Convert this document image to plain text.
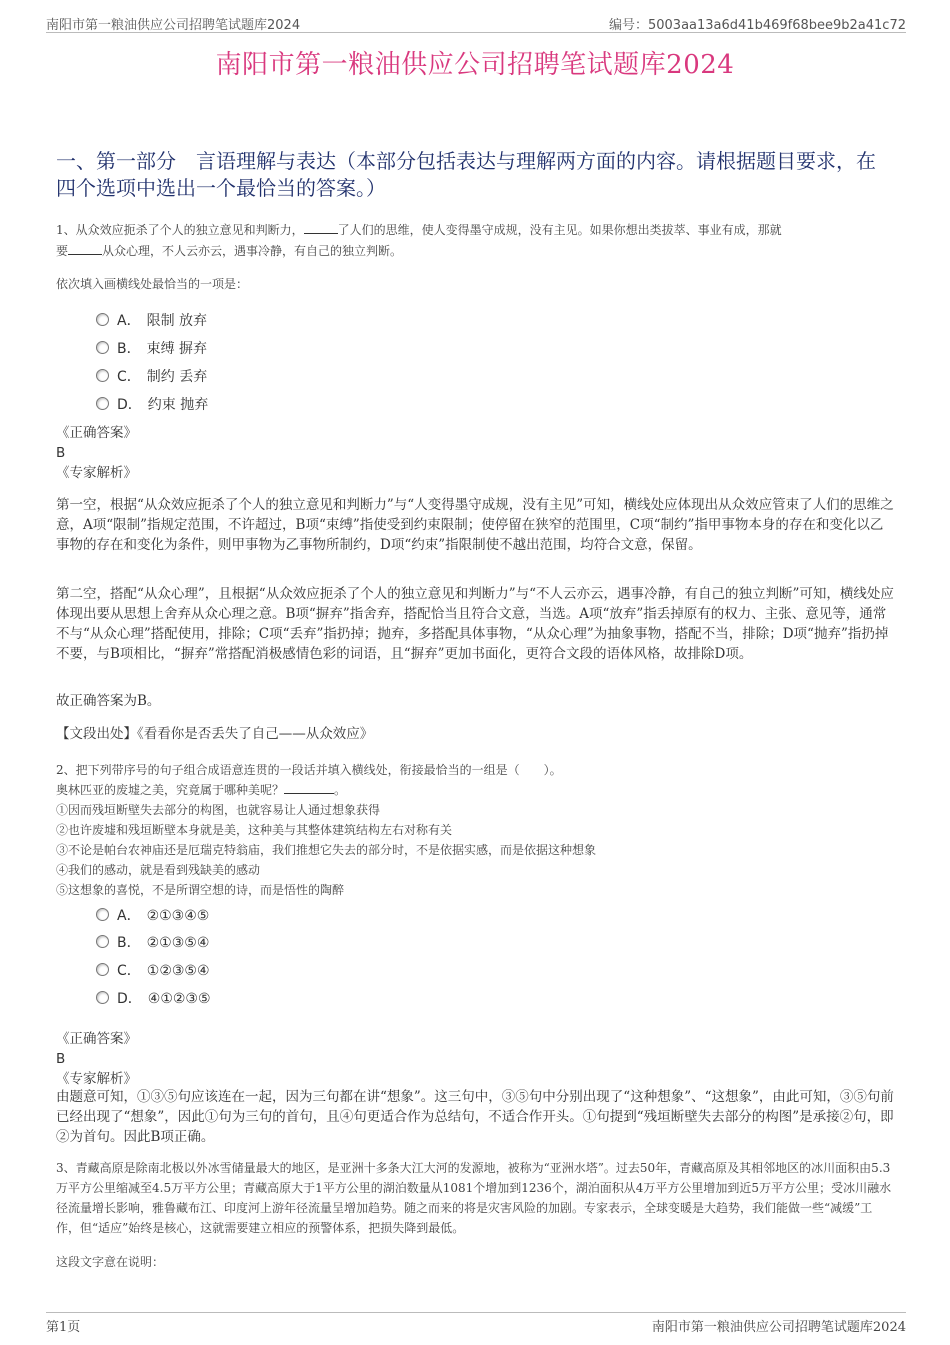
南阳市第一粮油供应公司招聘笔试题库2024	编号：5003aa13a6d41b469f68bee9b2a41c72
南阳市第一粮油供应公司招聘笔试题库2024
一、第一部分　言语理解与表达（本部分包括表达与理解两方面的内容。请根据题目要求，在四个选项中选出一个最恰当的答案。）
1、从众效应扼杀了个人的独立意见和判断力，	了人们的思维，使人变得墨守成规，没有主见。如果你想出类拔萃、事业有成，那就
要	从众心理，不人云亦云，遇事冷静，有自己的独立判断。
依次填入画横线处最恰当的一项是：
A． 限制 放弃
B． 束缚 摒弃
C． 制约 丢弃
D． 约束 抛弃
《正确答案》
B
《专家解析》
第一空，根据“从众效应扼杀了个人的独立意见和判断力”与“人变得墨守成规，没有主见”可知，横线处应体现出从众效应管束了人们的思维之意，A项“限制”指规定范围，不许超过，B项“束缚”指使受到约束限制；使停留在狭窄的范围里，C项“制约”指甲事物本身的存在和变化以乙事物的存在和变化为条件，则甲事物为乙事物所制约，D项“约束”指限制使不越出范围，均符合文意，保留。
第二空，搭配“从众心理”，且根据“从众效应扼杀了个人的独立意见和判断力”与“不人云亦云，遇事冷静，有自己的独立判断”可知，横线处应体现出要从思想上舍弃从众心理之意。B项“摒弃”指舍弃，搭配恰当且符合文意，当选。A项“放弃”指丢掉原有的权力、主张、意见等，通常不与“从众心理”搭配使用，排除；C项“丢弃”指扔掉；抛弃，多搭配具体事物，“从众心理”为抽象事物，搭配不当，排除；D项“抛弃”指扔掉不要，与B项相比，“摒弃”常搭配消极感情色彩的词语，且“摒弃”更加书面化，更符合文段的语体风格，故排除D项。
故正确答案为B。
【文段出处】《看看你是否丢失了自己——从众效应》
2、把下列带序号的句子组合成语意连贯的一段话并填入横线处，衔接最恰当的一组是（　　）。
奥林匹亚的废墟之美，究竟属于哪种美呢？	。
①因而残垣断壁失去部分的构图，也就容易让人通过想象获得
②也许废墟和残垣断壁本身就是美，这种美与其整体建筑结构左右对称有关
③不论是帕台农神庙还是厄瑞克特翁庙，我们推想它失去的部分时，不是依据实感，而是依据这种想象
④我们的感动，就是看到残缺美的感动
⑤这想象的喜悦，不是所谓空想的诗，而是悟性的陶醉
A． ②①③④⑤
B． ②①③⑤④
C． ①②③⑤④
D． ④①②③⑤
《正确答案》
B
《专家解析》
由题意可知，①③⑤句应该连在一起，因为三句都在讲“想象”。这三句中，③⑤句中分别出现了“这种想象”、“这想象”，由此可知，③⑤句前已经出现了“想象”，因此①句为三句的首句，且④句更适合作为总结句，不适合作开头。①句提到“残垣断壁失去部分的构图”是承接②句，即②为首句。因此B项正确。
3、青藏高原是除南北极以外冰雪储量最大的地区，是亚洲十多条大江大河的发源地，被称为“亚洲水塔”。过去50年，青藏高原及其相邻地区的冰川面积由5.3万平方公里缩减至4.5万平方公里；青藏高原大于1平方公里的湖泊数量从1081个增加到1236个，湖泊面积从4万平方公里增加到近5万平方公里；受冰川融水径流量增长影响，雅鲁藏布江、印度河上游年径流量呈增加趋势。随之而来的将是灾害风险的加剧。专家表示，全球变暖是大趋势，我们能做一些“减缓”工作，但“适应”始终是核心，这就需要建立相应的预警体系，把损失降到最低。
这段文字意在说明：
第1页	南阳市第一粮油供应公司招聘笔试题库2024
